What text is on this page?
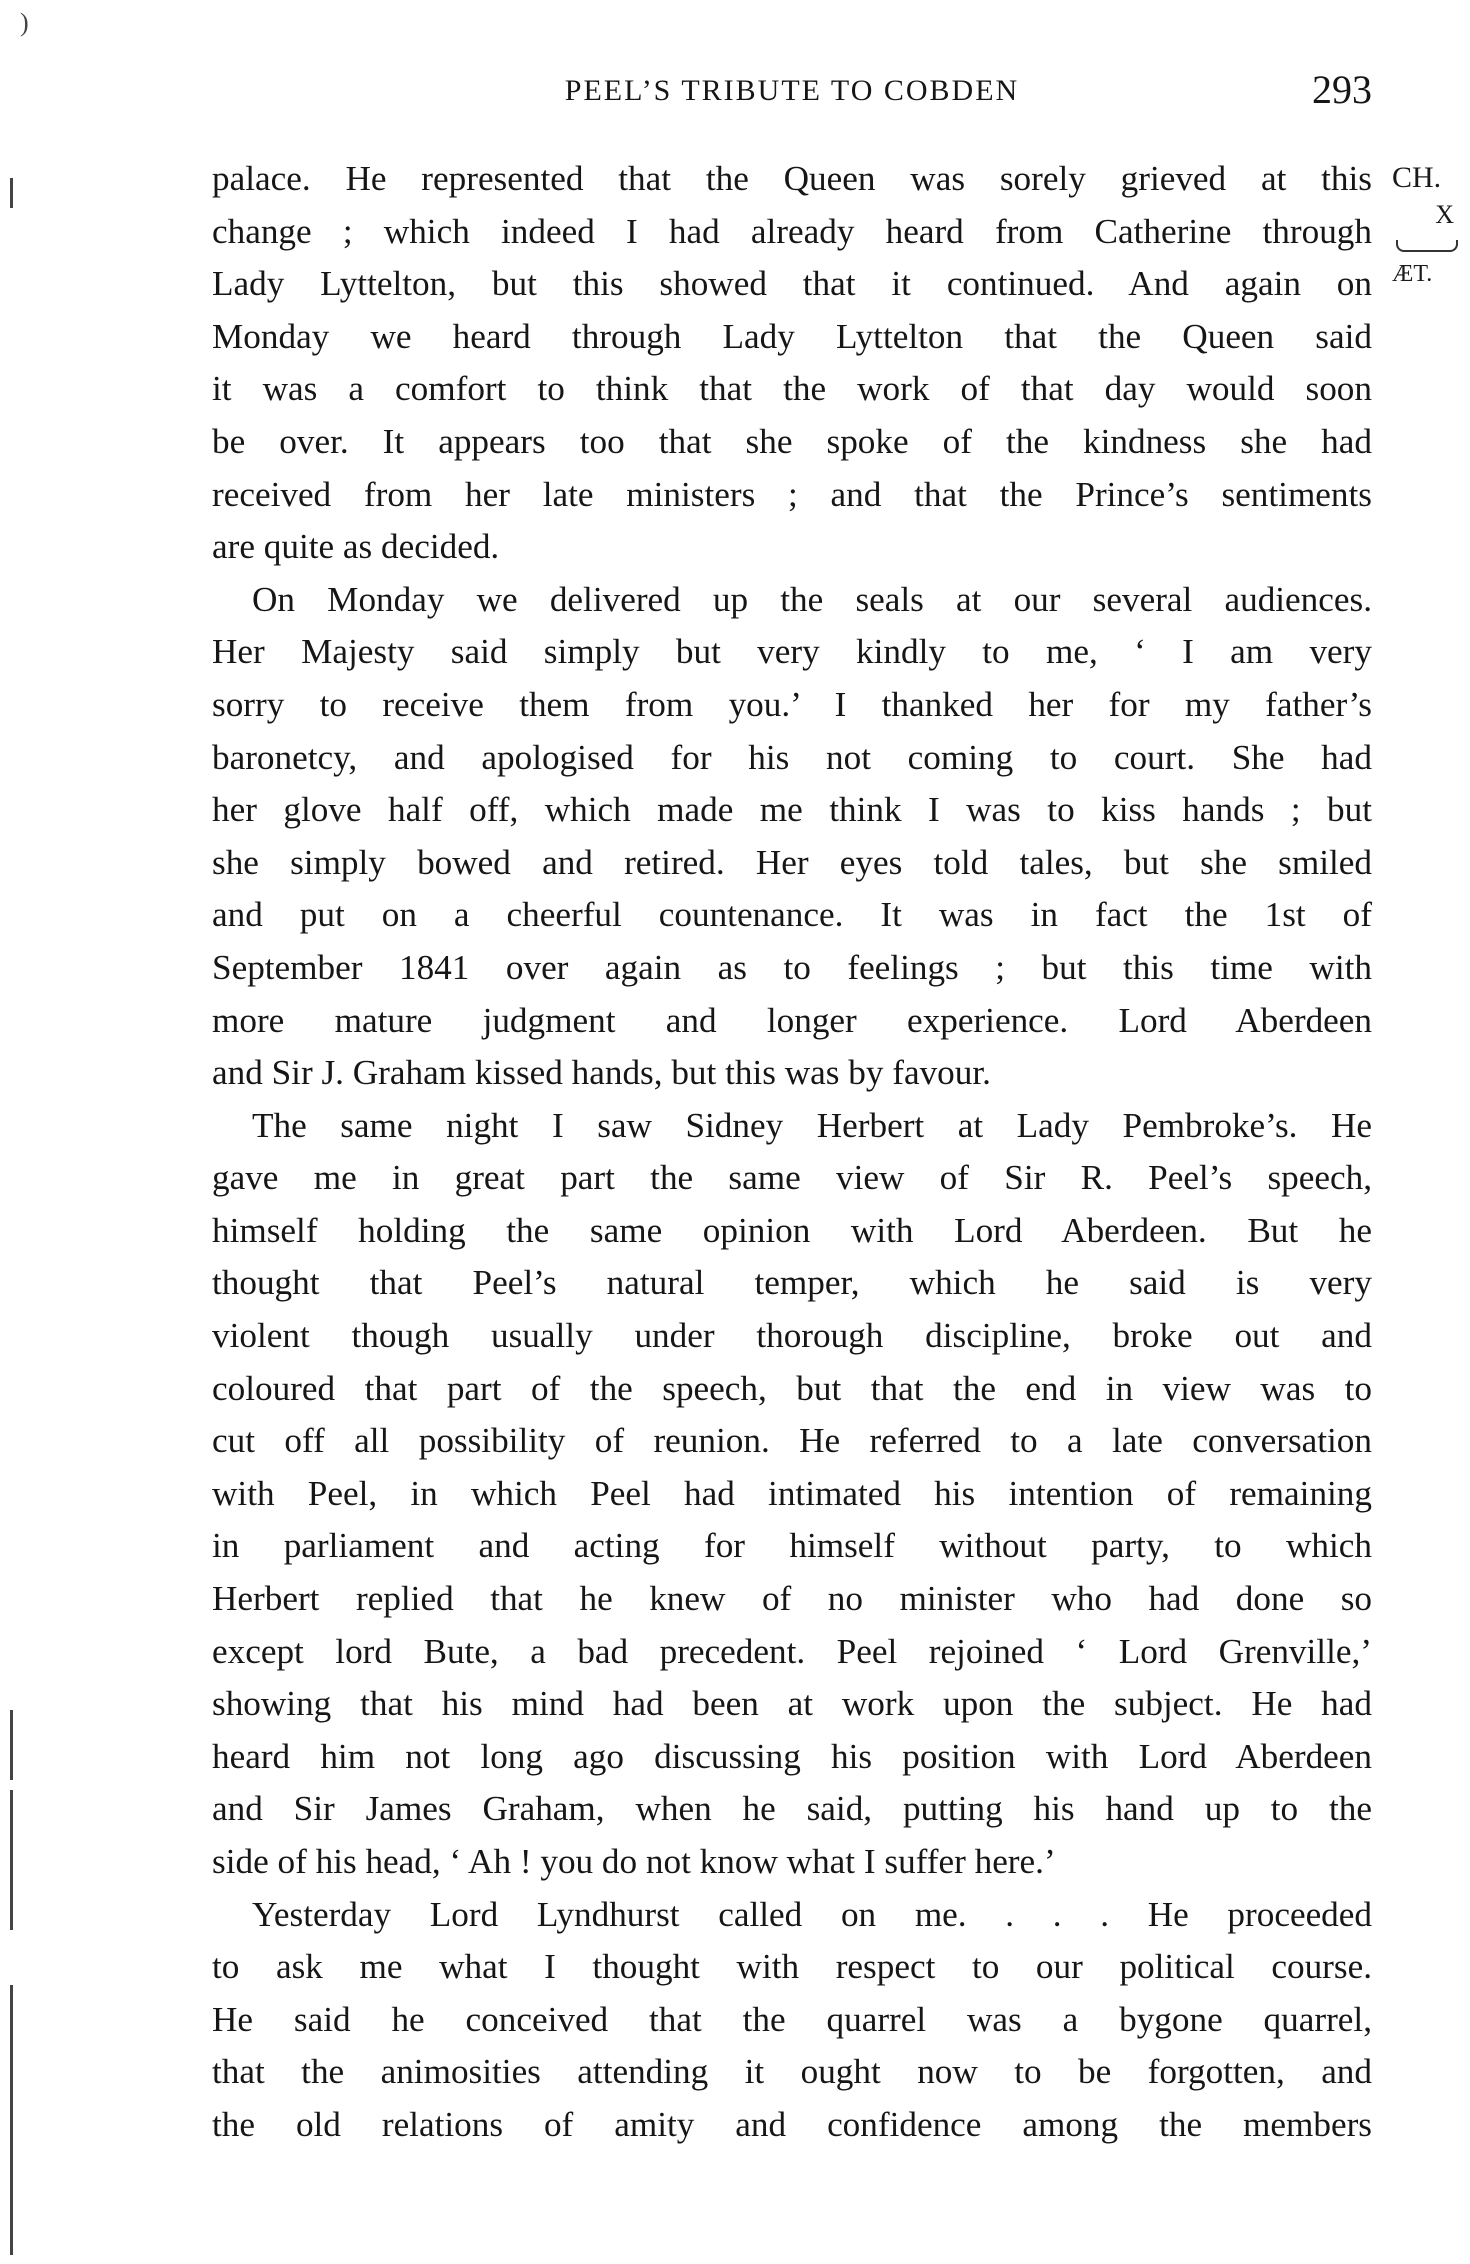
)
PEEL’S TRIBUTE TO COBDEN	293
CH.
X
ÆT.
palace. He represented that the Queen was sorely grieved at this
change ; which indeed I had already heard from Catherine through
Lady Lyttelton, but this showed that it continued. And again on
Monday we heard through Lady Lyttelton that the Queen said
it was a comfort to think that the work of that day would soon
be over. It appears too that she spoke of the kindness she had
received from her late ministers ; and that the Prince’s sentiments
are quite as decided.
On Monday we delivered up the seals at our several audiences.
Her Majesty said simply but very kindly to me, ‘ I am very
sorry to receive them from you.’ I thanked her for my father’s
baronetcy, and apologised for his not coming to court. She had
her glove half off, which made me think I was to kiss hands ; but
she simply bowed and retired. Her eyes told tales, but she smiled
and put on a cheerful countenance. It was in fact the 1st of
September 1841 over again as to feelings ; but this time with
more mature judgment and longer experience. Lord Aberdeen
and Sir J. Graham kissed hands, but this was by favour.
The same night I saw Sidney Herbert at Lady Pembroke’s. He
gave me in great part the same view of Sir R. Peel’s speech,
himself holding the same opinion with Lord Aberdeen. But he
thought that Peel’s natural temper, which he said is very
violent though usually under thorough discipline, broke out and
coloured that part of the speech, but that the end in view was to
cut off all possibility of reunion. He referred to a late conversation
with Peel, in which Peel had intimated his intention of remaining
in parliament and acting for himself without party, to which
Herbert replied that he knew of no minister who had done so
except lord Bute, a bad precedent. Peel rejoined ‘ Lord Grenville,’
showing that his mind had been at work upon the subject. He had
heard him not long ago discussing his position with Lord Aberdeen
and Sir James Graham, when he said, putting his hand up to the
side of his head, ‘ Ah ! you do not know what I suffer here.’
Yesterday Lord Lyndhurst called on me. . . . He proceeded
to ask me what I thought with respect to our political course.
He said he conceived that the quarrel was a bygone quarrel,
that the animosities attending it ought now to be forgotten, and
the old relations of amity and confidence among the members
